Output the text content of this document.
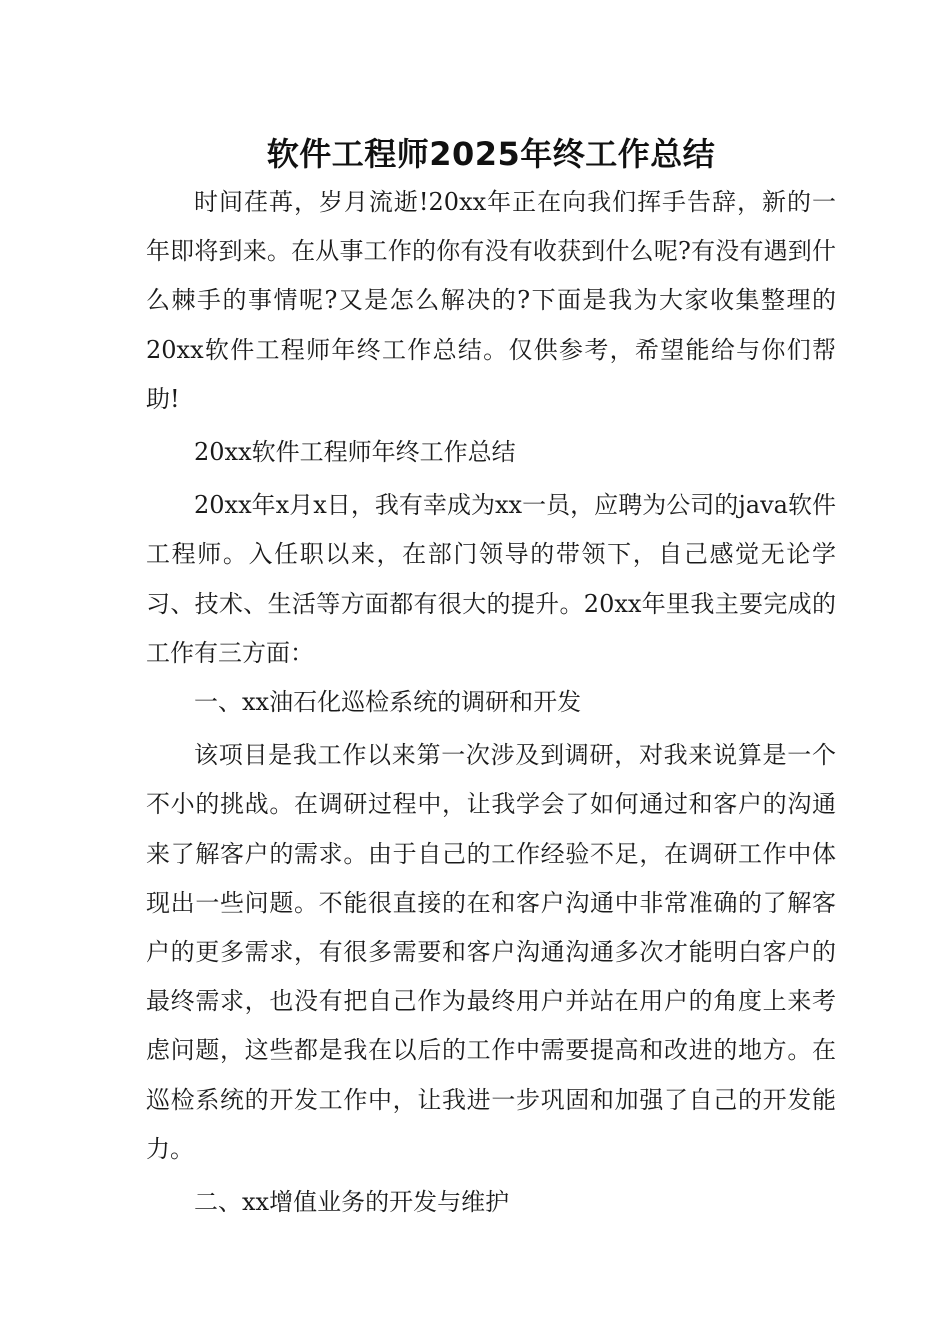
软件工程师2025年终工作总结

时间荏苒，岁月流逝!20xx年正在向我们挥手告辞，新的一年即将到来。在从事工作的你有没有收获到什么呢?有没有遇到什么棘手的事情呢?又是怎么解决的?下面是我为大家收集整理的20xx软件工程师年终工作总结。仅供参考，希望能给与你们帮助!

20xx软件工程师年终工作总结

20xx年x月x日，我有幸成为xx一员，应聘为公司的java软件工程师。入任职以来，在部门领导的带领下，自己感觉无论学习、技术、生活等方面都有很大的提升。20xx年里我主要完成的工作有三方面：

一、xx油石化巡检系统的调研和开发

该项目是我工作以来第一次涉及到调研，对我来说算是一个不小的挑战。在调研过程中，让我学会了如何通过和客户的沟通来了解客户的需求。由于自己的工作经验不足，在调研工作中体现出一些问题。不能很直接的在和客户沟通中非常准确的了解客户的更多需求，有很多需要和客户沟通沟通多次才能明白客户的最终需求，也没有把自己作为最终用户并站在用户的角度上来考虑问题，这些都是我在以后的工作中需要提高和改进的地方。在巡检系统的开发工作中，让我进一步巩固和加强了自己的开发能力。

二、xx增值业务的开发与维护
